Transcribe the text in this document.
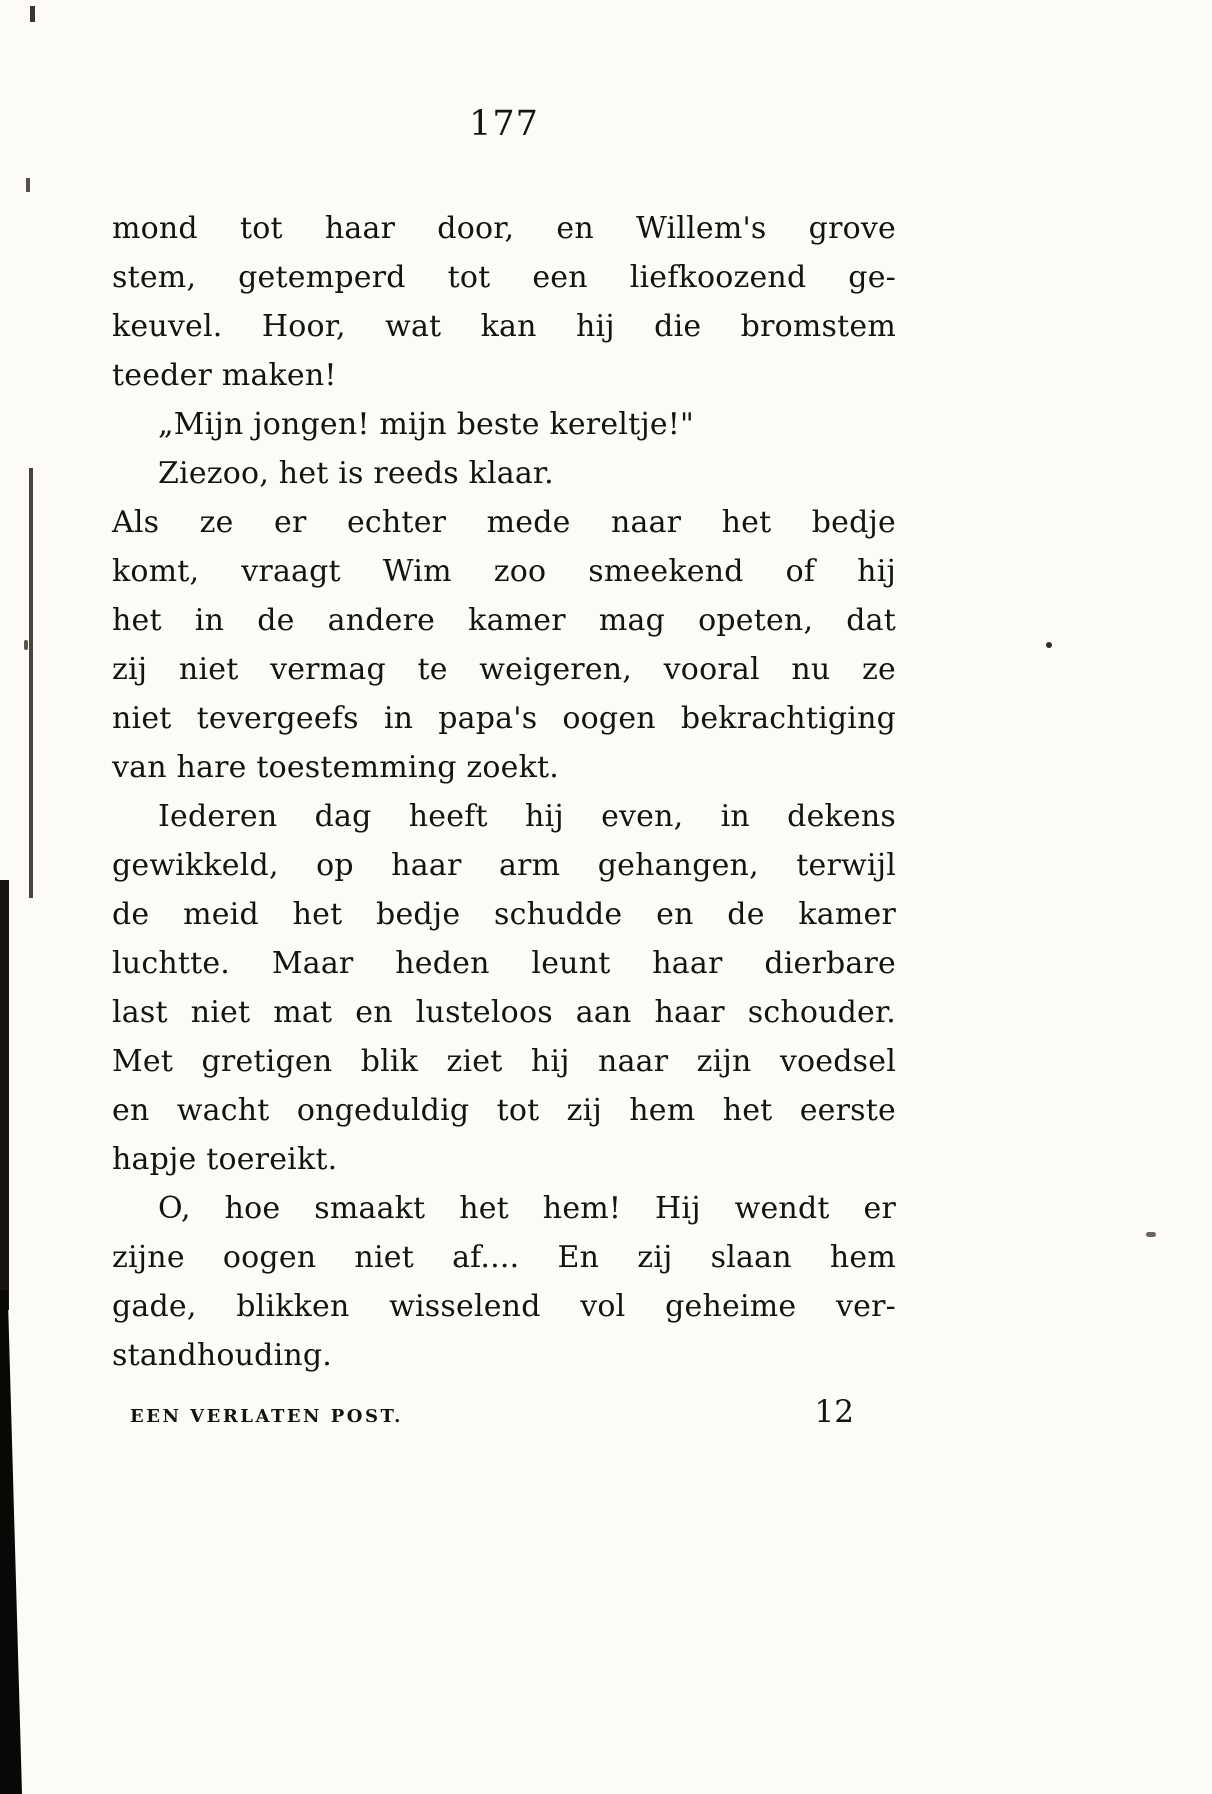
177
mond tot haar door, en Willem's grove
stem, getemperd tot een liefkoozend ge-
keuvel. Hoor, wat kan hij die bromstem
teeder maken!
„Mijn jongen! mijn beste kereltje!"
Ziezoo, het is reeds klaar.
Als ze er echter mede naar het bedje
komt, vraagt Wim zoo smeekend of hij
het in de andere kamer mag opeten, dat
zij niet vermag te weigeren, vooral nu ze
niet tevergeefs in papa's oogen bekrachtiging
van hare toestemming zoekt.
Iederen dag heeft hij even, in dekens
gewikkeld, op haar arm gehangen, terwijl
de meid het bedje schudde en de kamer
luchtte. Maar heden leunt haar dierbare
last niet mat en lusteloos aan haar schouder.
Met gretigen blik ziet hij naar zijn voedsel
en wacht ongeduldig tot zij hem het eerste
hapje toereikt.
O, hoe smaakt het hem! Hij wendt er
zijne oogen niet af.... En zij slaan hem
gade, blikken wisselend vol geheime ver-
standhouding.
EEN VERLATEN POST.	12
